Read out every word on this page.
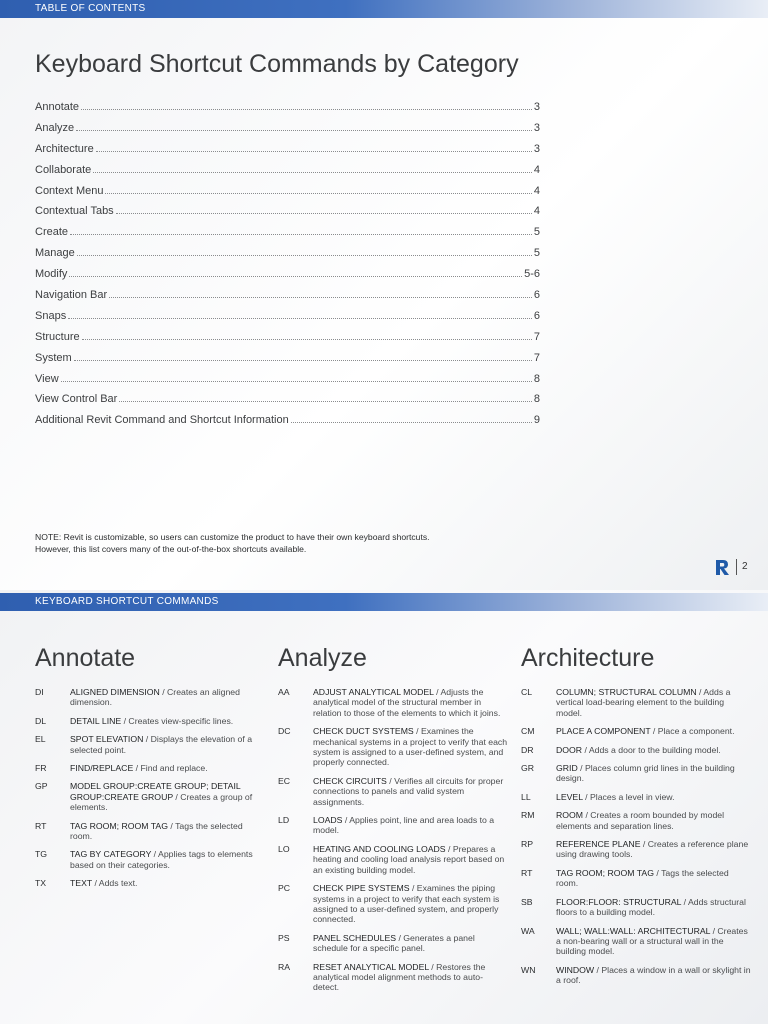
TABLE OF CONTENTS
Keyboard Shortcut Commands by Category
Annotate	3
Analyze	3
Architecture	3
Collaborate	4
Context Menu	4
Contextual Tabs	4
Create	5
Manage	5
Modify	5-6
Navigation Bar	6
Snaps	6
Structure	7
System	7
View	8
View Control Bar	8
Additional Revit Command and Shortcut Information	9
NOTE: Revit is customizable, so users can customize the product to have their own keyboard shortcuts.
However, this list covers many of the out-of-the-box shortcuts available.
2
KEYBOARD SHORTCUT COMMANDS
Annotate
DI	ALIGNED DIMENSION / Creates an aligned dimension.
DL	DETAIL LINE / Creates view-specific lines.
EL	SPOT ELEVATION / Displays the elevation of a selected point.
FR	FIND/REPLACE / Find and replace.
GP	MODEL GROUP:CREATE GROUP; DETAIL GROUP:CREATE GROUP / Creates a group of elements.
RT	TAG ROOM; ROOM TAG / Tags the selected room.
TG	TAG BY CATEGORY / Applies tags to elements based on their categories.
TX	TEXT / Adds text.
Analyze
AA	ADJUST ANALYTICAL MODEL / Adjusts the analytical model of the structural member in relation to those of the elements to which it joins.
DC	CHECK DUCT SYSTEMS / Examines the mechanical systems in a project to verify that each system is assigned to a user-defined system, and properly connected.
EC	CHECK CIRCUITS / Verifies all circuits for proper connections to panels and valid system assignments.
LD	LOADS / Applies point, line and area loads to a model.
LO	HEATING AND COOLING LOADS / Prepares a heating and cooling load analysis report based on an existing building model.
PC	CHECK PIPE SYSTEMS / Examines the piping systems in a project to verify that each system is assigned to a user-defined system, and properly connected.
PS	PANEL SCHEDULES / Generates a panel schedule for a specific panel.
RA	RESET ANALYTICAL MODEL / Restores the analytical model alignment methods to auto-detect.
Architecture
CL	COLUMN; STRUCTURAL COLUMN / Adds a vertical load-bearing element to the building model.
CM	PLACE A COMPONENT / Place a component.
DR	DOOR / Adds a door to the building model.
GR	GRID / Places column grid lines in the building design.
LL	LEVEL / Places a level in view.
RM	ROOM / Creates a room bounded by model elements and separation lines.
RP	REFERENCE PLANE / Creates a reference plane using drawing tools.
RT	TAG ROOM; ROOM TAG / Tags the selected room.
SB	FLOOR:FLOOR: STRUCTURAL / Adds structural floors to a building model.
WA	WALL; WALL:WALL: ARCHITECTURAL / Creates a non-bearing wall or a structural wall in the building model.
WN	WINDOW / Places a window in a wall or skylight in a roof.
